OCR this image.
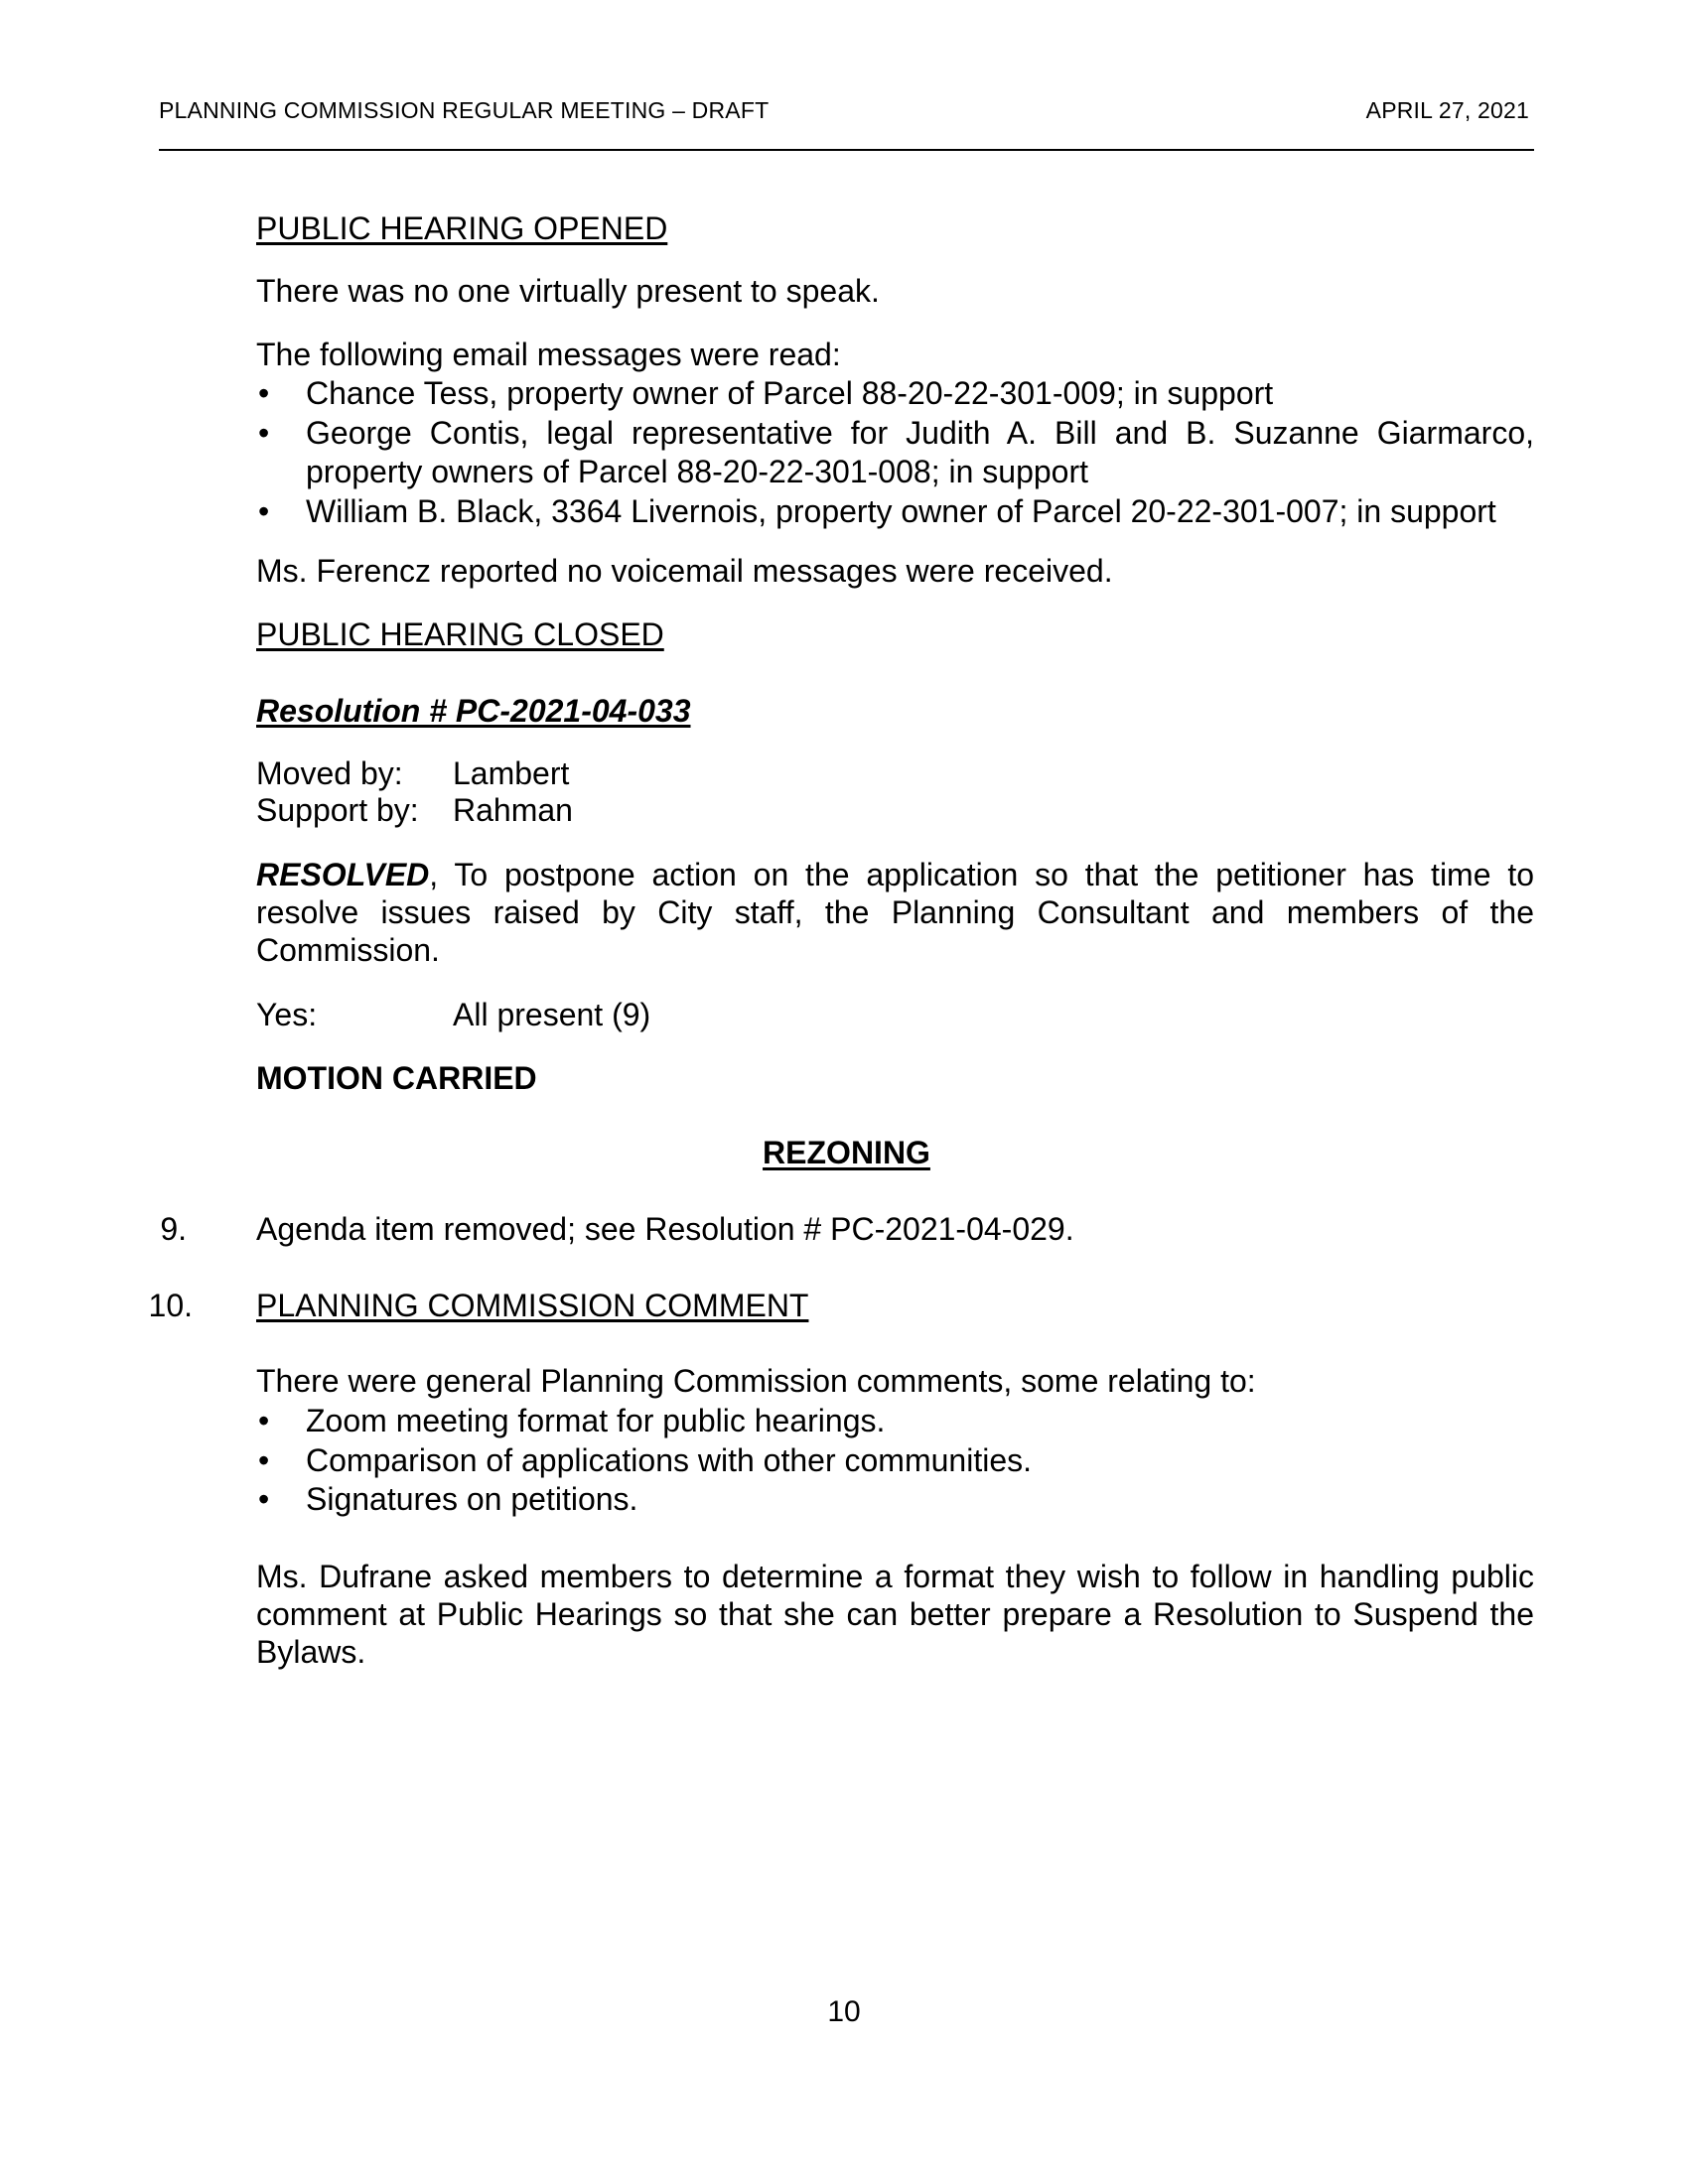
PLANNING COMMISSION REGULAR MEETING – DRAFT	APRIL 27, 2021
PUBLIC HEARING OPENED
There was no one virtually present to speak.
The following email messages were read:
• Chance Tess, property owner of Parcel 88-20-22-301-009; in support
• George Contis, legal representative for Judith A. Bill and B. Suzanne Giarmarco,
property owners of Parcel 88-20-22-301-008; in support
• William B. Black, 3364 Livernois, property owner of Parcel 20-22-301-007; in support
Ms. Ferencz reported no voicemail messages were received.
PUBLIC HEARING CLOSED
Resolution # PC-2021-04-033
Moved by: Lambert
Support by: Rahman
RESOLVED, To postpone action on the application so that the petitioner has time to resolve issues raised by City staff, the Planning Consultant and members of the Commission.
Yes:	All present (9)
MOTION CARRIED
REZONING
9. Agenda item removed; see Resolution # PC-2021-04-029.
10. PLANNING COMMISSION COMMENT
There were general Planning Commission comments, some relating to:
• Zoom meeting format for public hearings.
• Comparison of applications with other communities.
• Signatures on petitions.
Ms. Dufrane asked members to determine a format they wish to follow in handling public comment at Public Hearings so that she can better prepare a Resolution to Suspend the Bylaws.
10
